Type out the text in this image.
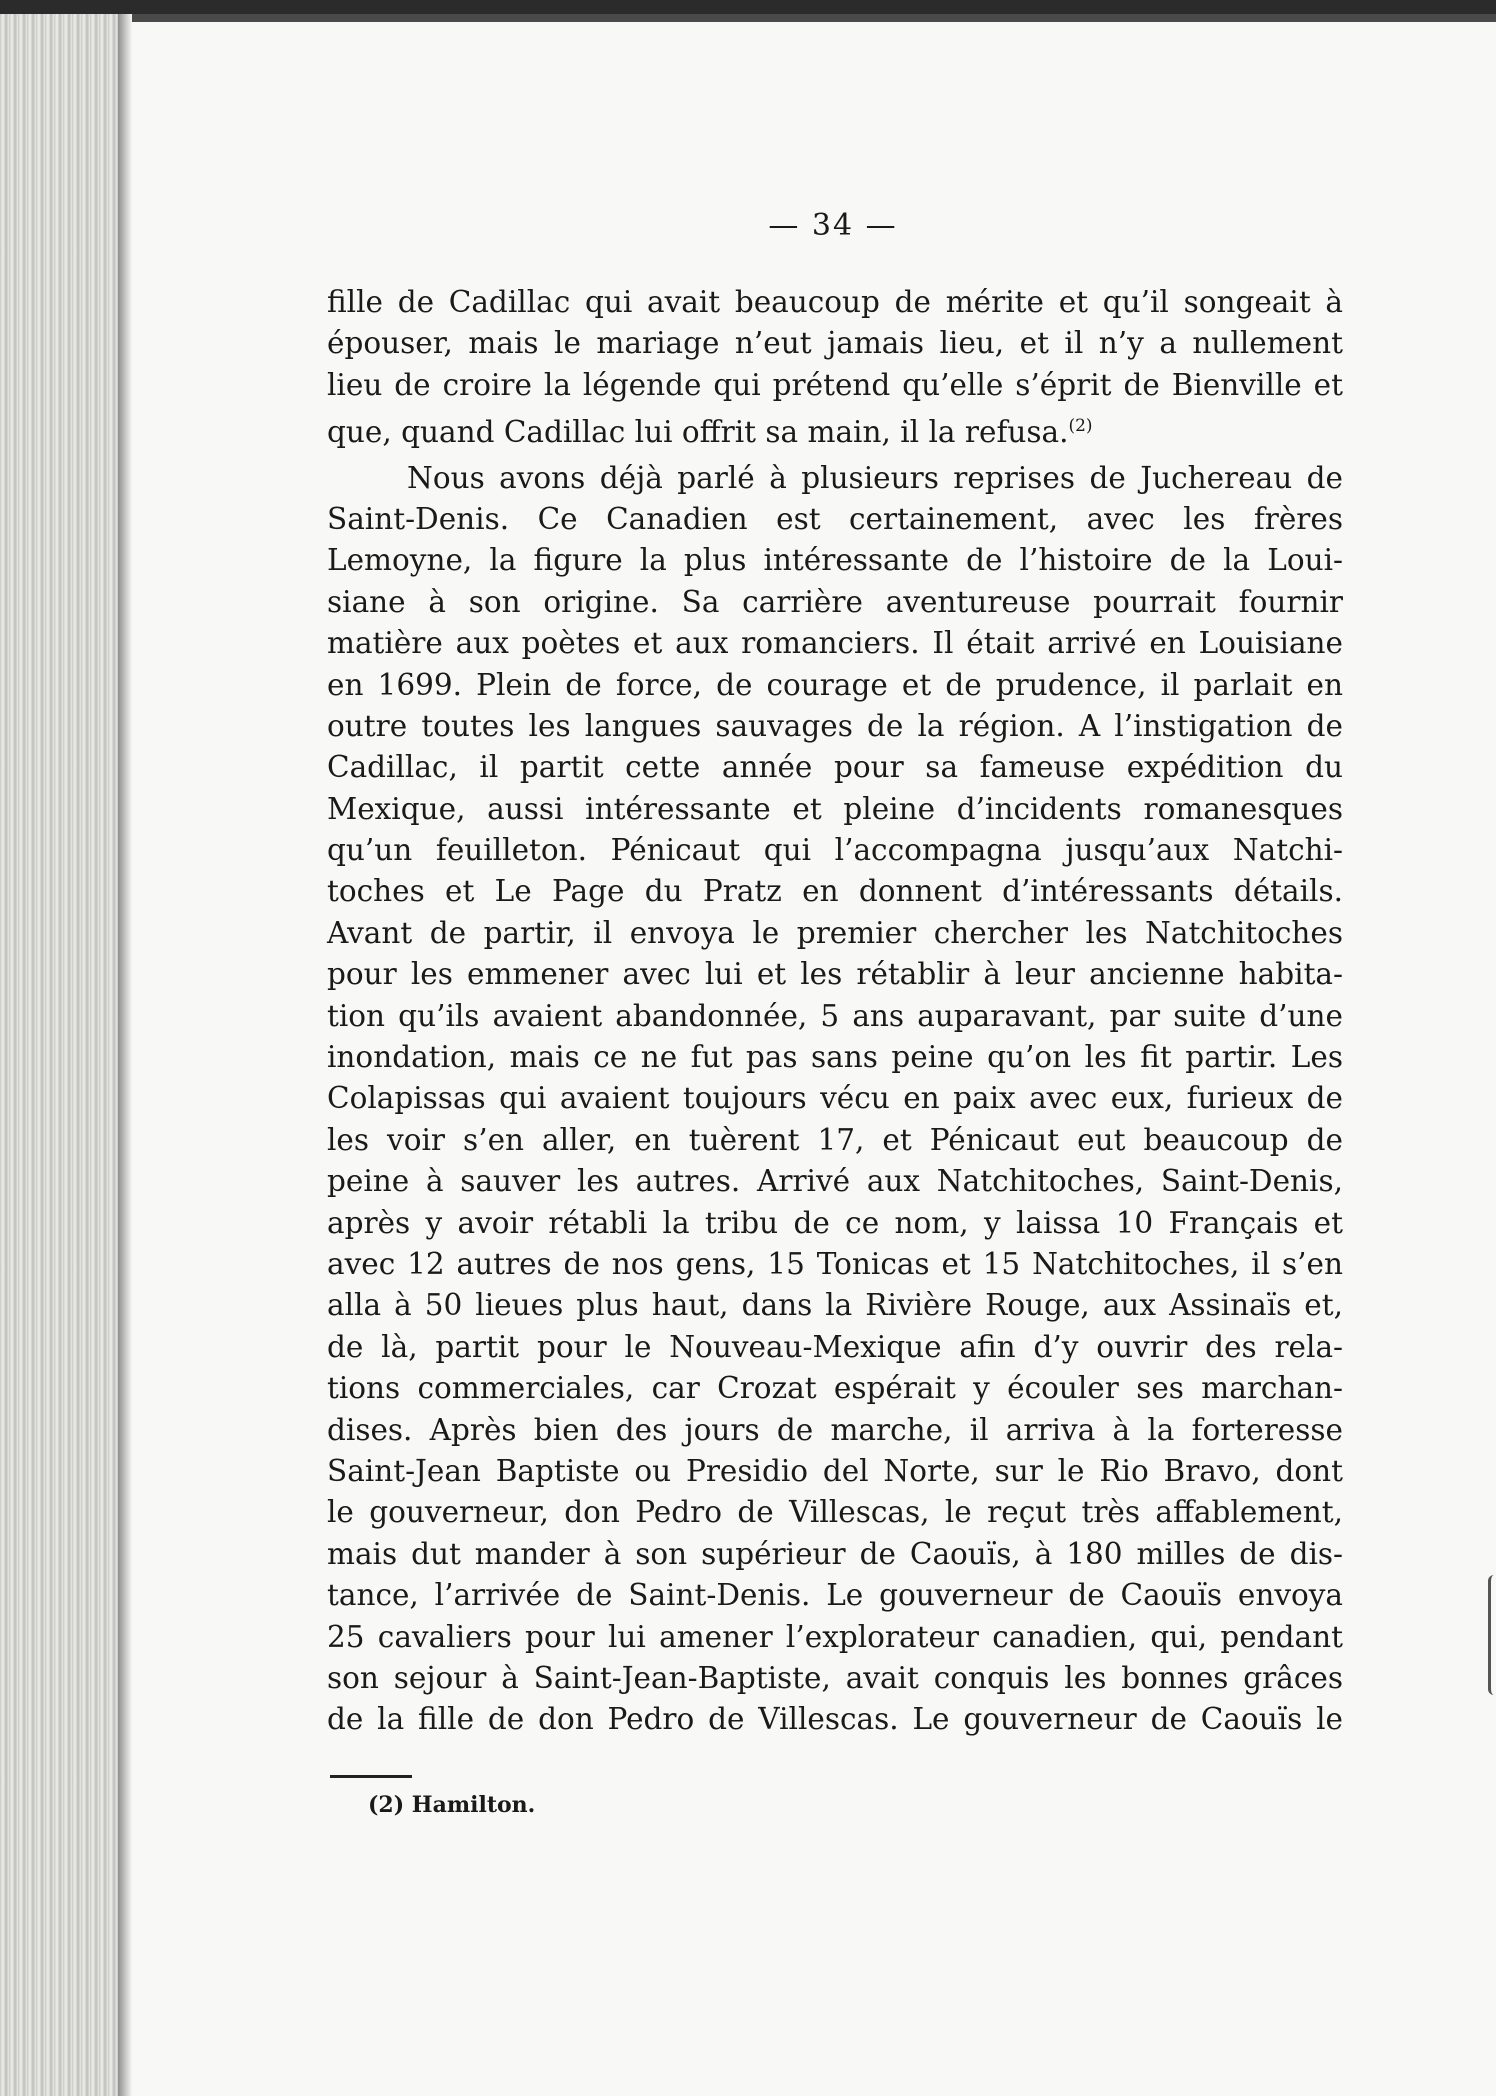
— 34 —
fille de Cadillac qui avait beaucoup de mérite et qu’il songeait à
épouser, mais le mariage n’eut jamais lieu, et il n’y a nullement
lieu de croire la légende qui prétend qu’elle s’éprit de Bienville et
que, quand Cadillac lui offrit sa main, il la refusa.$^{(2)}$
Nous avons déjà parlé à plusieurs reprises de Juchereau de
Saint-Denis. Ce Canadien est certainement, avec les frères
Lemoyne, la figure la plus intéressante de l’histoire de la Loui-
siane à son origine. Sa carrière aventureuse pourrait fournir
matière aux poètes et aux romanciers. Il était arrivé en Louisiane
en 1699. Plein de force, de courage et de prudence, il parlait en
outre toutes les langues sauvages de la région. A l’instigation de
Cadillac, il partit cette année pour sa fameuse expédition du
Mexique, aussi intéressante et pleine d’incidents romanesques
qu’un feuilleton. Pénicaut qui l’accompagna jusqu’aux Natchi-
toches et Le Page du Pratz en donnent d’intéressants détails.
Avant de partir, il envoya le premier chercher les Natchitoches
pour les emmener avec lui et les rétablir à leur ancienne habita-
tion qu’ils avaient abandonnée, 5 ans auparavant, par suite d’une
inondation, mais ce ne fut pas sans peine qu’on les fit partir. Les
Colapissas qui avaient toujours vécu en paix avec eux, furieux de
les voir s’en aller, en tuèrent 17, et Pénicaut eut beaucoup de
peine à sauver les autres. Arrivé aux Natchitoches, Saint-Denis,
après y avoir rétabli la tribu de ce nom, y laissa 10 Français et
avec 12 autres de nos gens, 15 Tonicas et 15 Natchitoches, il s’en
alla à 50 lieues plus haut, dans la Rivière Rouge, aux Assinaïs et,
de là, partit pour le Nouveau-Mexique afin d’y ouvrir des rela-
tions commerciales, car Crozat espérait y écouler ses marchan-
dises. Après bien des jours de marche, il arriva à la forteresse
Saint-Jean Baptiste ou Presidio del Norte, sur le Rio Bravo, dont
le gouverneur, don Pedro de Villescas, le reçut très affablement,
mais dut mander à son supérieur de Caouïs, à 180 milles de dis-
tance, l’arrivée de Saint-Denis. Le gouverneur de Caouïs envoya
25 cavaliers pour lui amener l’explorateur canadien, qui, pendant
son sejour à Saint-Jean-Baptiste, avait conquis les bonnes grâces
de la fille de don Pedro de Villescas. Le gouverneur de Caouïs le
(2) Hamilton.
